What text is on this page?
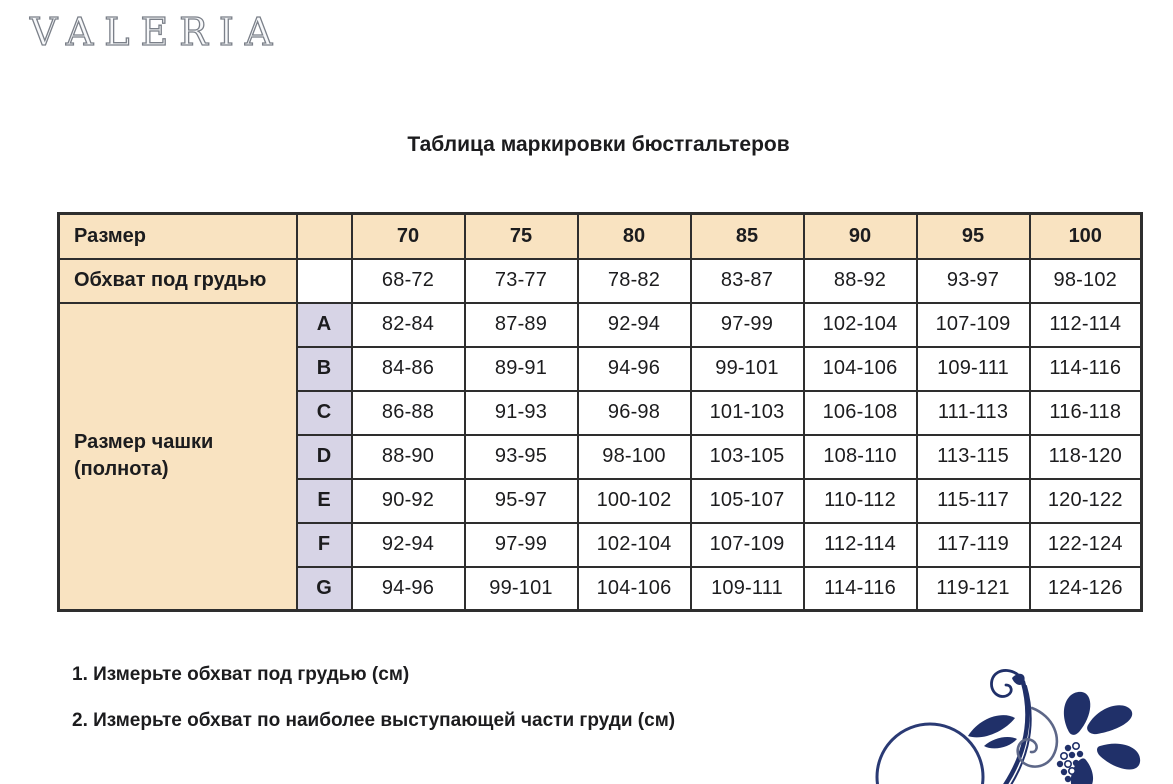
VALERIA
Таблица маркировки бюстгальтеров
Размер		70	75	80	85	90	95	100
Обхват под грудью		68-72	73-77	78-82	83-87	88-92	93-97	98-102

Размер чашки
(полнота)	A	82-84	87-89	92-94	97-99	102-104	107-109	112-114
	B	84-86	89-91	94-96	99-101	104-106	109-111	114-116
	C	86-88	91-93	96-98	101-103	106-108	111-113	116-118
	D	88-90	93-95	98-100	103-105	108-110	113-115	118-120
	E	90-92	95-97	100-102	105-107	110-112	115-117	120-122
	F	92-94	97-99	102-104	107-109	112-114	117-119	122-124
	G	94-96	99-101	104-106	109-111	114-116	119-121	124-126
1. Измерьте обхват под грудью (см)
2. Измерьте обхват по наиболее выступающей части груди (см)
